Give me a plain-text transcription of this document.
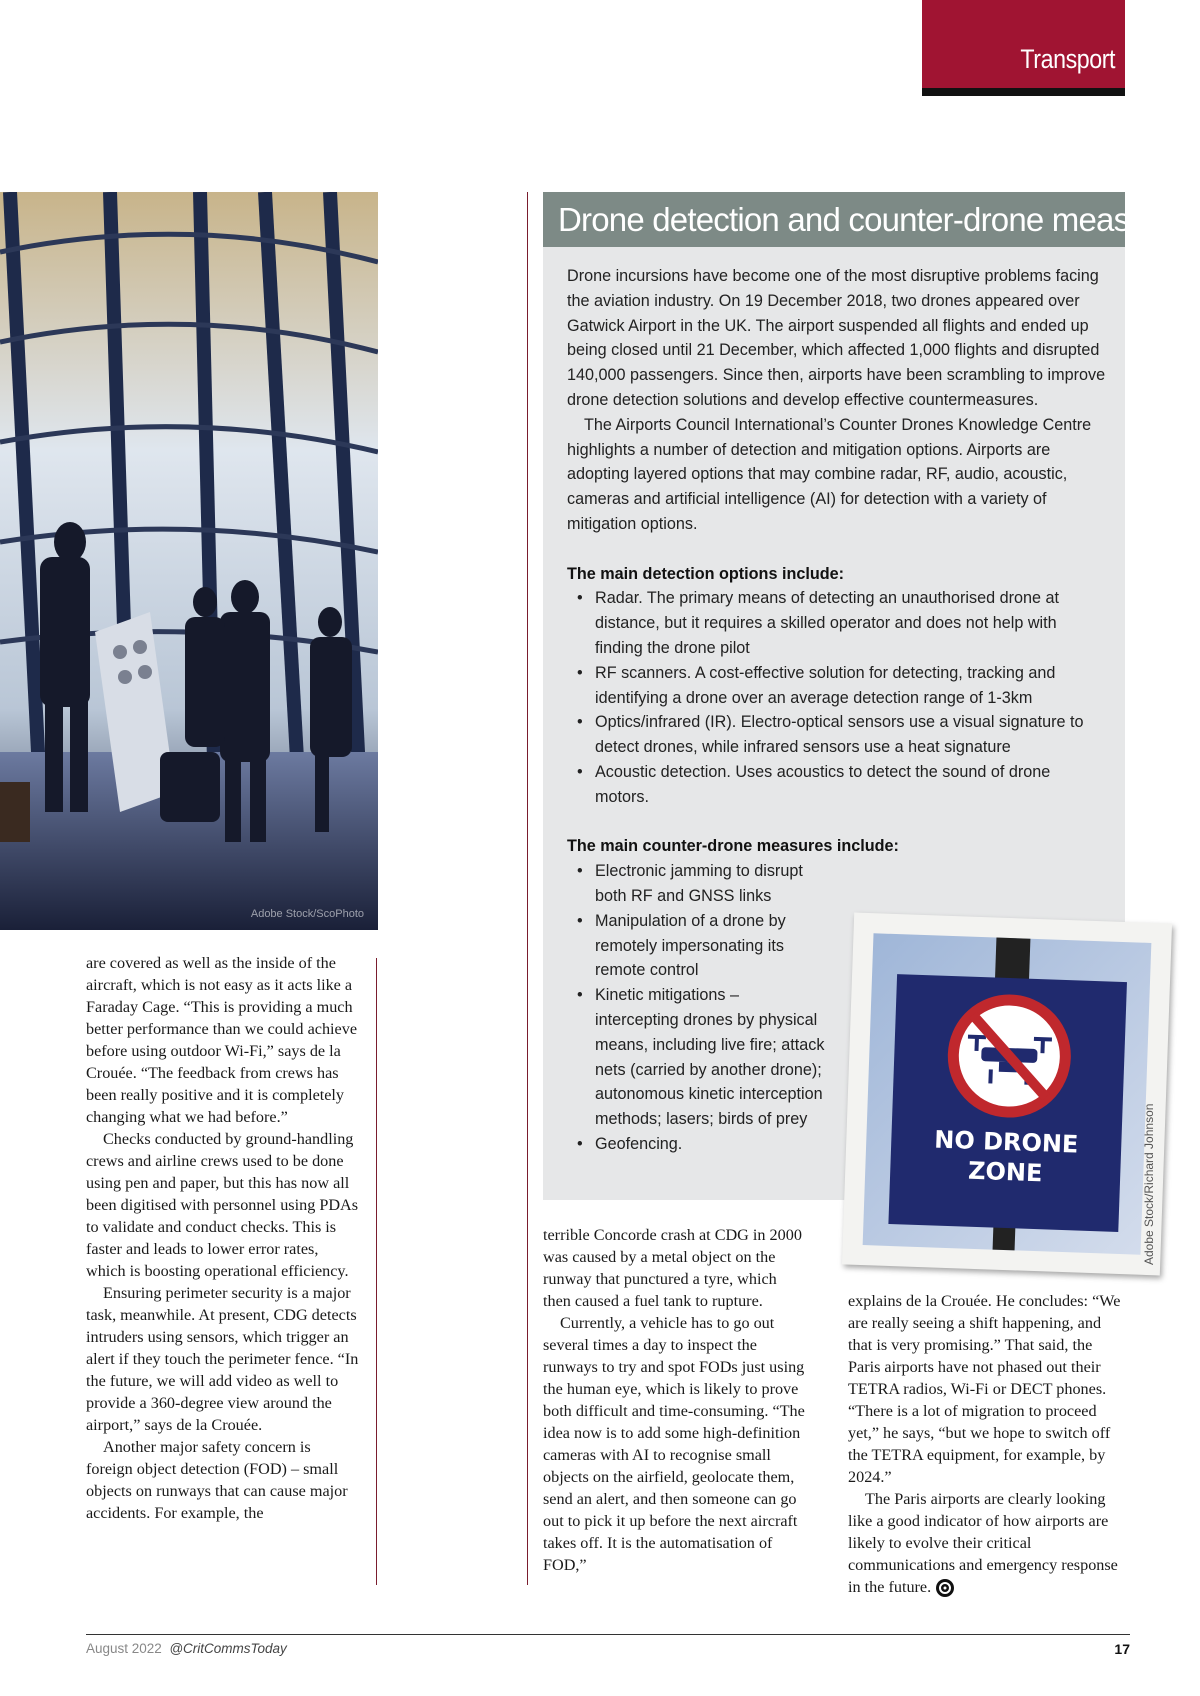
Transport
Adobe Stock/ScoPhoto

are covered as well as the inside of the aircraft, which is not easy as it acts like a Faraday Cage. “This is providing a much better performance than we could achieve before using outdoor Wi-Fi,” says de la Crouée. “The feedback from crews has been really positive and it is completely changing what we had before.”

Checks conducted by ground-handling crews and airline crews used to be done using pen and paper, but this has now all been digitised with personnel using PDAs to validate and conduct checks. This is faster and leads to lower error rates, which is boosting operational efficiency.

Ensuring perimeter security is a major task, meanwhile. At present, CDG detects intruders using sensors, which trigger an alert if they touch the perimeter fence. “In the future, we will add video as well to provide a 360-degree view around the airport,” says de la Crouée.

Another major safety concern is foreign object detection (FOD) – small objects on runways that can cause major accidents. For example, the

Drone detection and counter-drone measures

Drone incursions have become one of the most disruptive problems facing the aviation industry. On 19 December 2018, two drones appeared over Gatwick Airport in the UK. The airport suspended all flights and ended up being closed until 21 December, which affected 1,000 flights and disrupted 140,000 passengers. Since then, airports have been scrambling to improve drone detection solutions and develop effective countermeasures.

The Airports Council International’s Counter Drones Knowledge Centre highlights a number of detection and mitigation options. Airports are adopting layered options that may combine radar, RF, audio, acoustic, cameras and artificial intelligence (AI) for detection with a variety of mitigation options.

The main detection options include:
• Radar. The primary means of detecting an unauthorised drone at distance, but it requires a skilled operator and does not help with finding the drone pilot
• RF scanners. A cost-effective solution for detecting, tracking and identifying a drone over an average detection range of 1-3km
• Optics/infrared (IR). Electro-optical sensors use a visual signature to detect drones, while infrared sensors use a heat signature
• Acoustic detection. Uses acoustics to detect the sound of drone motors.
The main counter-drone measures include:
• Electronic jamming to disrupt both RF and GNSS links
• Manipulation of a drone by remotely impersonating its remote control
• Kinetic mitigations – intercepting drones by physical means, including live fire; attack nets (carried by another drone); autonomous kinetic interception methods; lasers; birds of prey
• Geofencing.	NO DRONE
ZONE	Adobe Stock/Richard Johnson

terrible Concorde crash at CDG in 2000 was caused by a metal object on the runway that punctured a tyre, which then caused a fuel tank to rupture.

Currently, a vehicle has to go out several times a day to inspect the runways to try and spot FODs just using the human eye, which is likely to prove both difficult and time-consuming. “The idea now is to add some high-definition cameras with AI to recognise small objects on the airfield, geolocate them, send an alert, and then someone can go out to pick it up before the next aircraft takes off. It is the automatisation of FOD,”

explains de la Crouée. He concludes: “We are really seeing a shift happening, and that is very promising.” That said, the Paris airports have not phased out their TETRA radios, Wi-Fi or DECT phones. “There is a lot of migration to proceed yet,” he says, “but we hope to switch off the TETRA equipment, for example, by 2024.”

The Paris airports are clearly looking like a good indicator of how airports are likely to evolve their critical communications and emergency response in the future.

August 2022 @CritCommsToday	17
